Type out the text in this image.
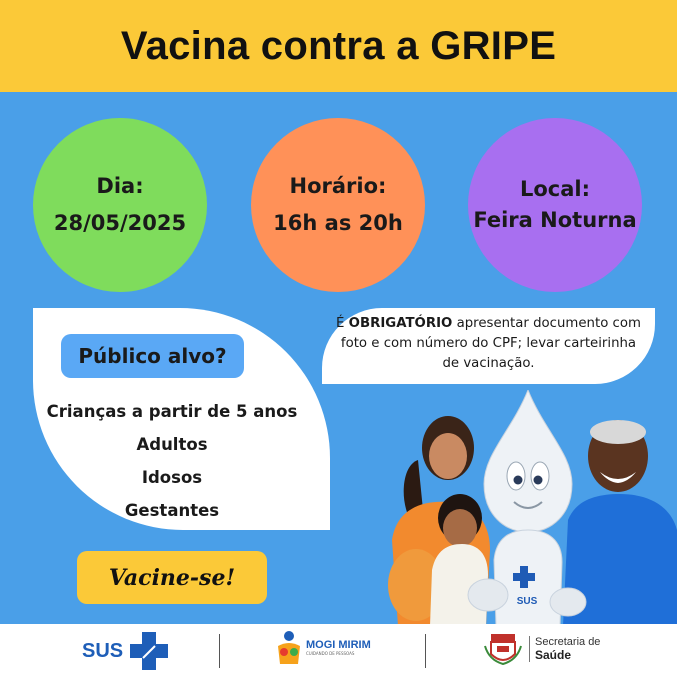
Vacina contra a GRIPE
Dia:
28/05/2025
Horário:
16h as 20h
Local:
Feira Noturna
Público alvo?
Crianças a partir de 5 anos
Adultos
Idosos
Gestantes
É OBRIGATÓRIO apresentar documento com foto e com número do CPF; levar carteirinha de vacinação.
Vacine-se!
SUS
SUS	MOGI MIRIM
CUIDANDO DE PESSOAS
Secretaria de
Saúde
